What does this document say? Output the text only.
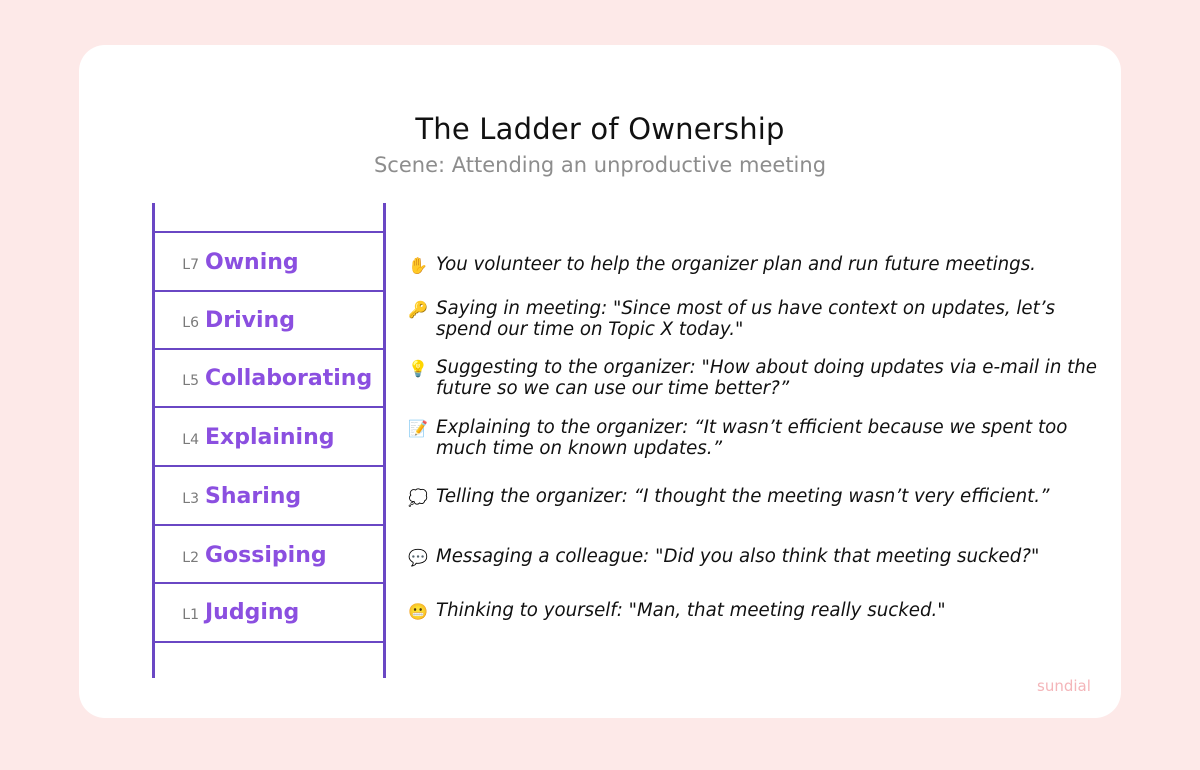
The Ladder of Ownership
Scene: Attending an unproductive meeting
L7 Owning	✋ You volunteer to help the organizer plan and run future meetings.
L6 Driving	🔑 Saying in meeting: "Since most of us have context on updates, let’s spend our time on Topic X today."
L5 Collaborating 💡 Suggesting to the organizer: "How about doing updates via e-mail in the future so we can use our time better?”
L4 Explaining	📝 Explaining to the organizer: “It wasn’t efficient because we spent too much time on known updates.”
L3 Sharing	💭 Telling the organizer: “I thought the meeting wasn’t very efficient.”
L2 Gossiping	💬 Messaging a colleague: "Did you also think that meeting sucked?"
L1 Judging	😬 Thinking to yourself: "Man, that meeting really sucked."
sundial
